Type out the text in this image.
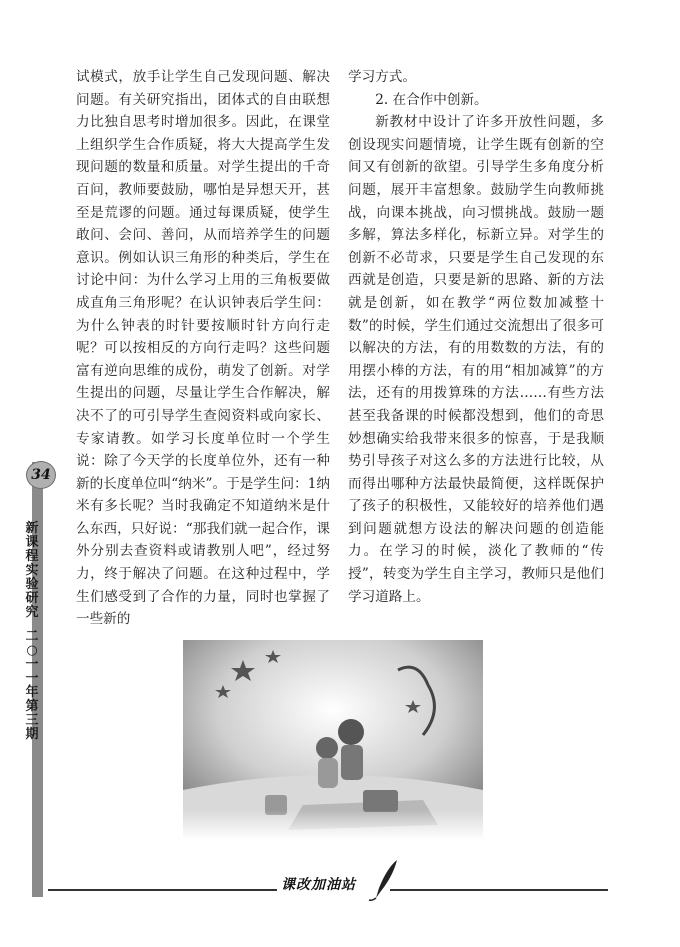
34
新课程实验研究
二○一一年 第三期

试模式，放手让学生自己发现问题、解决问题。有关研究指出，团体式的自由联想力比独自思考时增加很多。因此，在课堂上组织学生合作质疑，将大大提高学生发现问题的数量和质量。对学生提出的千奇百问，教师要鼓励，哪怕是异想天开，甚至是荒谬的问题。通过每课质疑，使学生敢问、会问、善问，从而培养学生的问题意识。例如认识三角形的种类后，学生在讨论中问：为什么学习上用的三角板要做成直角三角形呢？在认识钟表后学生问：为什么钟表的时针要按顺时针方向行走呢？可以按相反的方向行走吗？这些问题富有逆向思维的成份，萌发了创新。对学生提出的问题，尽量让学生合作解决，解决不了的可引导学生查阅资料或向家长、专家请教。如学习长度单位时一个学生说：除了今天学的长度单位外，还有一种新的长度单位叫“纳米”。于是学生问：1纳米有多长呢？当时我确定不知道纳米是什么东西，只好说：“那我们就一起合作，课外分别去查资料或请教别人吧”，经过努力，终于解决了问题。在这种过程中，学生们感受到了合作的力量，同时也掌握了一些新的

学习方式。

2. 在合作中创新。

新教材中设计了许多开放性问题，多创设现实问题情境，让学生既有创新的空间又有创新的欲望。引导学生多角度分析问题，展开丰富想象。鼓励学生向教师挑战，向课本挑战，向习惯挑战。鼓励一题多解，算法多样化，标新立异。对学生的创新不必苛求，只要是学生自己发现的东西就是创造，只要是新的思路、新的方法就是创新，如在教学“两位数加减整十数”的时候，学生们通过交流想出了很多可以解决的方法，有的用数数的方法，有的用摆小棒的方法，有的用“相加减算”的方法，还有的用拨算珠的方法……有些方法甚至我备课的时候都没想到，他们的奇思妙想确实给我带来很多的惊喜，于是我顺势引导孩子对这么多的方法进行比较，从而得出哪种方法最快最简便，这样既保护了孩子的积极性，又能较好的培养他们遇到问题就想方设法的解决问题的创造能力。在学习的时候，淡化了教师的“传授”，转变为学生自主学习，教师只是他们学习道路上。

课改加油站
